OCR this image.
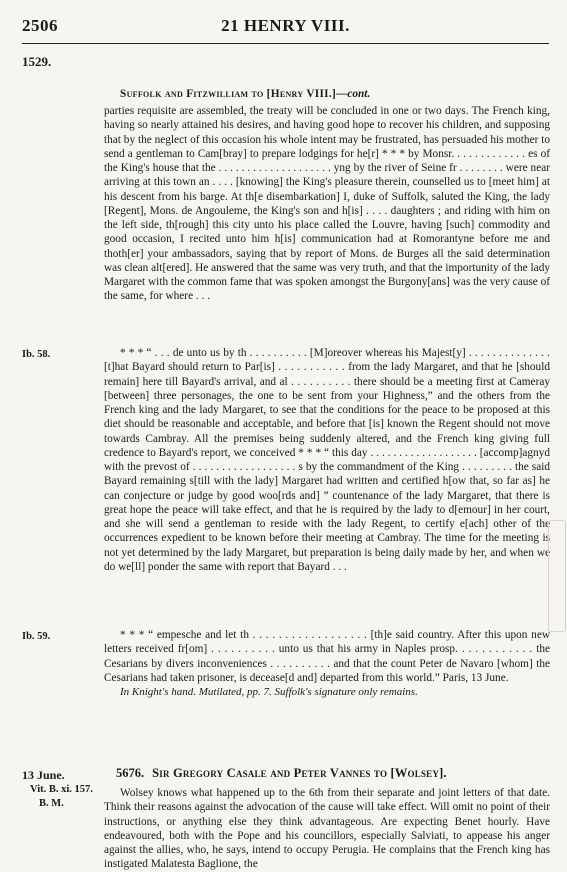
2506	21 HENRY VIII.
1529.
Suffolk and Fitzwilliam to [Henry VIII.]—cont.

parties requisite are assembled, the treaty will be concluded in one or two days. The French king, having so nearly attained his desires, and having good hope to recover his children, and supposing that by the neglect of this occasion his whole intent may be frustrated, has persuaded his mother to send a gentleman to Cam[bray] to prepare lodgings for he[r] * * * by Monsr. . . . . . . . . . . . . es of the King's house that the . . . . . . . . . . . . . . . . . . . . yng by the river of Seine fr . . . . . . . . were near arriving at this town an . . . . [knowing] the King's pleasure therein, counselled us to [meet him] at his descent from his barge. At th[e disembarkation] I, duke of Suffolk, saluted the King, the lady [Regent], Mons. de Angouleme, the King's son and h[is] . . . . daughters ; and riding with him on the left side, th[rough] this city unto his place called the Louvre, having [such] commodity and good occasion, I recited unto him h[is] communication had at Romorantyne before me and thoth[er] your ambassadors, saying that by report of Mons. de Burges all the said determination was clean alt[ered]. He answered that the same was very truth, and that the importunity of the lady Margaret with the common fame that was spoken amongst the Burgony[ans] was the very cause of the same, for where . . .

Ib. 58.	* * * “ . . . de unto us by th . . . . . . . . . . [M]oreover whereas his Majest[y] . . . . . . . . . . . . . . [t]hat Bayard should return to Par[is] . . . . . . . . . . . from the lady Margaret, and that he [should remain] here till Bayard's arrival, and al . . . . . . . . . . there should be a meeting first at Cameray [between] three personages, the one to be sent from your Highness,” and the others from the French king and the lady Margaret, to see that the conditions for the peace to be proposed at this diet should be reasonable and acceptable, and before that [is] known the Regent should not move towards Cambray. All the premises being suddenly altered, and the French king giving full credence to Bayard's report, we conceived * * * “ this day . . . . . . . . . . . . . . . . . . . [accomp]agnyd with the prevost of . . . . . . . . . . . . . . . . . . s by the commandment of the King . . . . . . . . . the said Bayard remaining s[till with the lady] Margaret had written and certified h[ow that, so far as] he can conjecture or judge by good woo[rds and] ” countenance of the lady Margaret, that there is great hope the peace will take effect, and that he is required by the lady to d[emour] in her court, and she will send a gentleman to reside with the lady Regent, to certify e[ach] other of the occurrences expedient to be known before their meeting at Cambray. The time for the meeting is not yet determined by the lady Margaret, but preparation is being daily made by her, and when we do we[ll] ponder the same with report that Bayard . . .

Ib. 59.	* * * “ empesche and let th . . . . . . . . . . . . . . . . . . [th]e said country. After this upon new letters received fr[om] . . . . . . . . . . unto us that his army in Naples prosp. . . . . . . . . . . . the Cesarians by divers inconveniences . . . . . . . . . . and that the count Peter de Navaro [whom] the Cesarians had taken prisoner, is decease[d and] departed from this world.” Paris, 13 June.

In Knight's hand. Mutilated, pp. 7. Suffolk's signature only remains.

13 June.
Vit. B. xi. 157.
B. M.
5676. Sir Gregory Casale and Peter Vannes to [Wolsey].

Wolsey knows what happened up to the 6th from their separate and joint letters of that date. Think their reasons against the advocation of the cause will take effect. Will omit no point of their instructions, or anything else they think advantageous. Are expecting Benet hourly. Have endeavoured, both with the Pope and his councillors, especially Salviati, to appease his anger against the allies, who, he says, intend to occupy Perugia. He complains that the French king has instigated Malatesta Baglione, the
